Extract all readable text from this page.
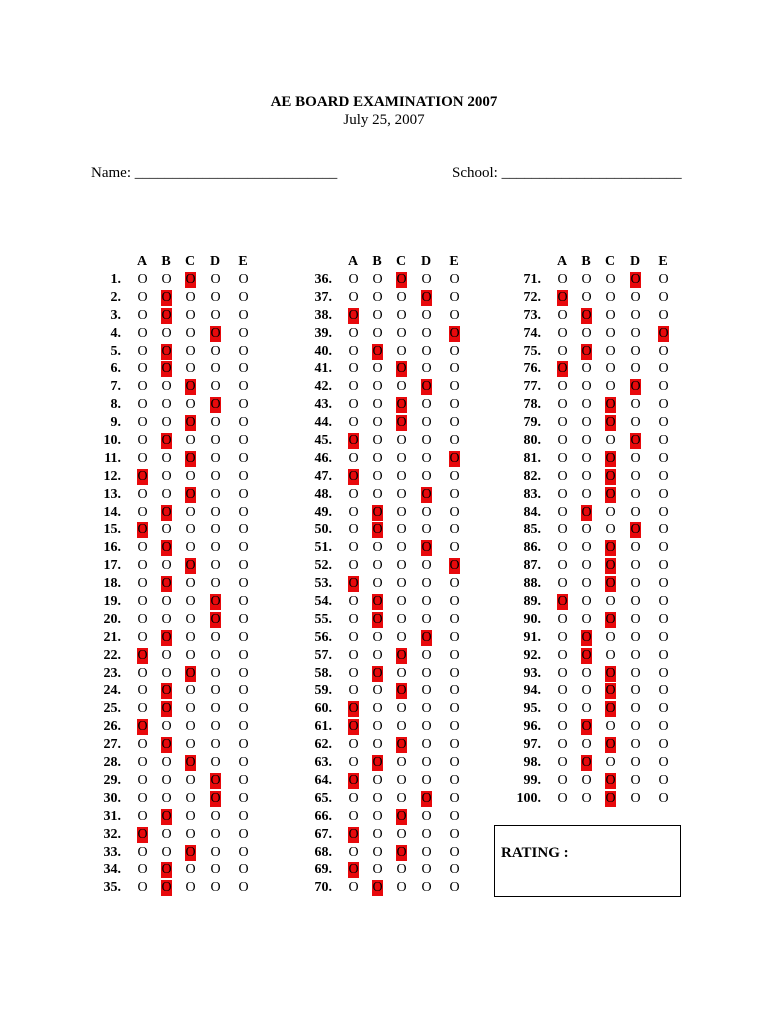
AE BOARD EXAMINATION 2007
July 25, 2007
Name: ___________________________	School: ________________________
A B C D E
1. O O O O O
2. O O O O O
3. O O O O O
4. O O O O O
5. O O O O O
6. O O O O O
7. O O O O O
8. O O O O O
9. O O O O O
10. O O O O O
11. O O O O O
12. O O O O O
13. O O O O O
14. O O O O O
15. O O O O O
16. O O O O O
17. O O O O O
18. O O O O O
19. O O O O O
20. O O O O O
21. O O O O O
22. O O O O O
23. O O O O O
24. O O O O O
25. O O O O O
26. O O O O O
27. O O O O O
28. O O O O O
29. O O O O O
30. O O O O O
31. O O O O O
32. O O O O O
33. O O O O O
34. O O O O O
35. O O O O O
A B C D E
36. O O O O O
37. O O O O O
38. O O O O O
39. O O O O O
40. O O O O O
41. O O O O O
42. O O O O O
43. O O O O O
44. O O O O O
45. O O O O O
46. O O O O O
47. O O O O O
48. O O O O O
49. O O O O O
50. O O O O O
51. O O O O O
52. O O O O O
53. O O O O O
54. O O O O O
55. O O O O O
56. O O O O O
57. O O O O O
58. O O O O O
59. O O O O O
60. O O O O O
61. O O O O O
62. O O O O O
63. O O O O O
64. O O O O O
65. O O O O O
66. O O O O O
67. O O O O O
68. O O O O O
69. O O O O O
70. O O O O O
A B C D E
71. O O O O O
72. O O O O O
73. O O O O O
74. O O O O O
75. O O O O O
76. O O O O O
77. O O O O O
78. O O O O O
79. O O O O O
80. O O O O O
81. O O O O O
82. O O O O O
83. O O O O O
84. O O O O O
85. O O O O O
86. O O O O O
87. O O O O O
88. O O O O O
89. O O O O O
90. O O O O O
91. O O O O O
92. O O O O O
93. O O O O O
94. O O O O O
95. O O O O O
96. O O O O O
97. O O O O O
98. O O O O O
99. O O O O O
100. O O O O O
RATING :
